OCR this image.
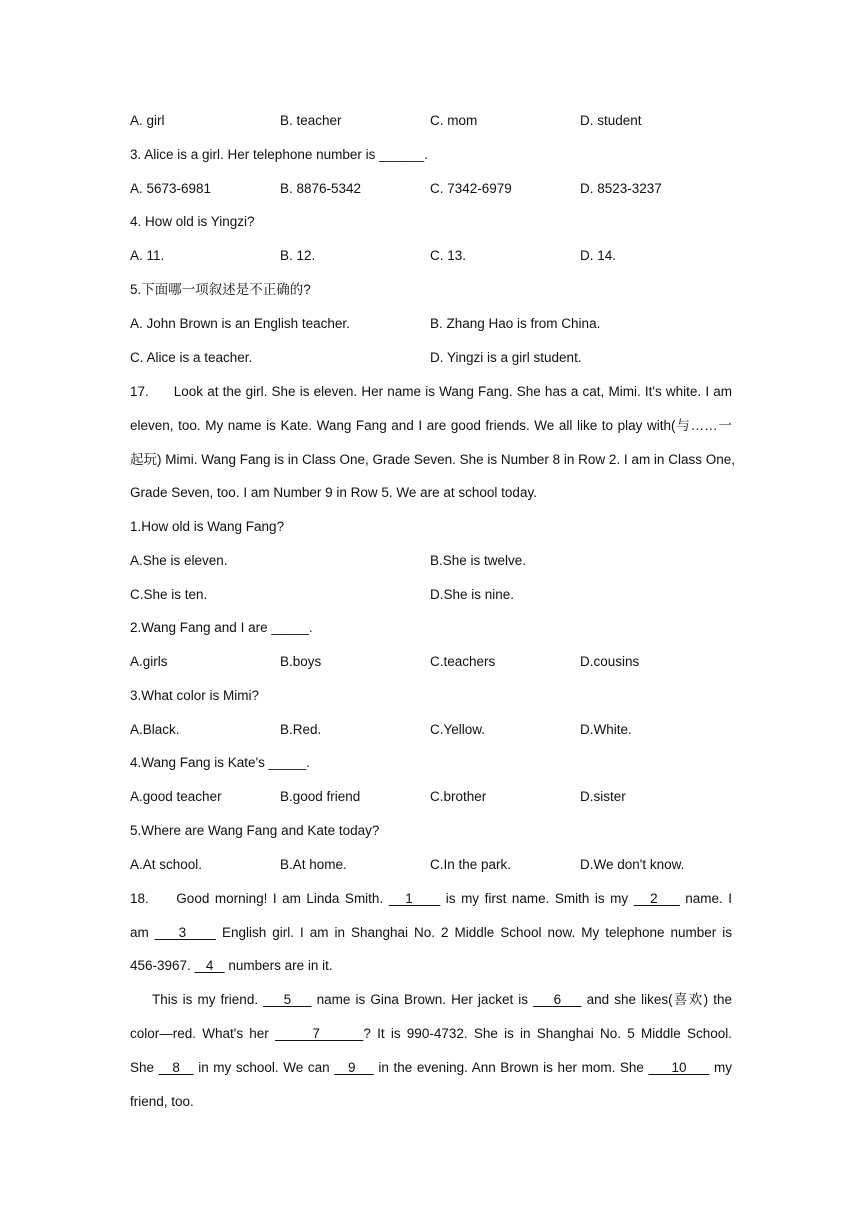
A. girl	B. teacher	C. mom	D. student
3. Alice is a girl. Her telephone number is ______.
A. 5673-6981	B. 8876-5342	C. 7342-6979	D. 8523-3237
4. How old is Yingzi?
A. 11.	B. 12.	C. 13.	D. 14.
5.下面哪一项叙述是不正确的?
A. John Brown is an English teacher.	B. Zhang Hao is from China.
C. Alice is a teacher.	D. Yingzi is a girl student.
17.      Look at the girl. She is eleven. Her name is Wang Fang. She has a cat, Mimi. It's white. I am
eleven, too. My name is Kate. Wang Fang and I are good friends. We all like to play with(与……一
起玩) Mimi. Wang Fang is in Class One, Grade Seven. She is Number 8 in Row 2. I am in Class One,
Grade Seven, too. I am Number 9 in Row 5. We are at school today.
1.How old is Wang Fang?
A.She is eleven.	B.She is twelve.
C.She is ten.	D.She is nine.
2.Wang Fang and I are _____.
A.girls	B.boys	C.teachers	D.cousins
3.What color is Mimi?
A.Black.	B.Red.	C.Yellow.	D.White.
4.Wang Fang is Kate's _____.
A.good teacher	B.good friend	C.brother	D.sister
5.Where are Wang Fang and Kate today?
A.At school.	B.At home.	C.In the park.	D.We don't know.
18.     Good morning! I am Linda Smith.    1      is my first name. Smith is my    2     name. I
am     3      English girl. I am in Shanghai No. 2 Middle School now. My telephone number is
456-3967.    4    numbers are in it.
This is my friend.     5     name is Gina Brown. Her jacket is     6     and she likes(喜欢) the
color—red. What's her       7       ? It is 990-4732. She is in Shanghai No. 5 Middle School.
She    8    in my school. We can    9     in the evening. Ann Brown is her mom. She      10      my
friend, too.
